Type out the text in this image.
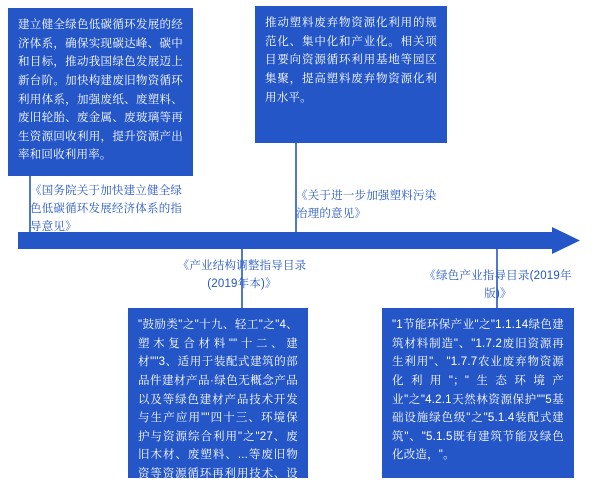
建立健全绿色低碳循环发展的经济体系，确保实现碳达峰、碳中和目标，推动我国绿色发展迈上新台阶。加快构建废旧物资循环利用体系，加强废纸、废塑料、废旧轮胎、废金属、废玻璃等再生资源回收利用，提升资源产出率和回收利用率。
推动塑料废弃物资源化利用的规范化、集中化和产业化。相关项目要向资源循环利用基地等园区集聚，提高塑料废弃物资源化利用水平。
"鼓励类"之"十九、轻工"之"4、塑木复合材料""十二、建材""3、适用于装配式建筑的部品件建材产品·绿色无概念产品以及等绿色建材产品技术开发与生产应用""四十三、环境保护与资源综合利用"之"27、废旧木材、废塑料、...等废旧物资等资源循环再利用技术、设备开发及应用"。
"1节能环保产业"之"1.1.14绿色建筑材料制造"、"1.7.2废旧资源再生利用"、"1.7.7农业废弃物资源化利用"；"生态环境产业"之"4.2.1天然林资源保护""5基础设施绿色级"之"5.1.4装配式建筑"、"5.1.5既有建筑节能及绿色化改造，"。
《国务院关于加快建立健全绿色低碳循环发展经济体系的指导意见》
《关于进一步加强塑料污染治理的意见》
《产业结构调整指导目录(2019年本)》
《绿色产业指导目录(2019年版)》
